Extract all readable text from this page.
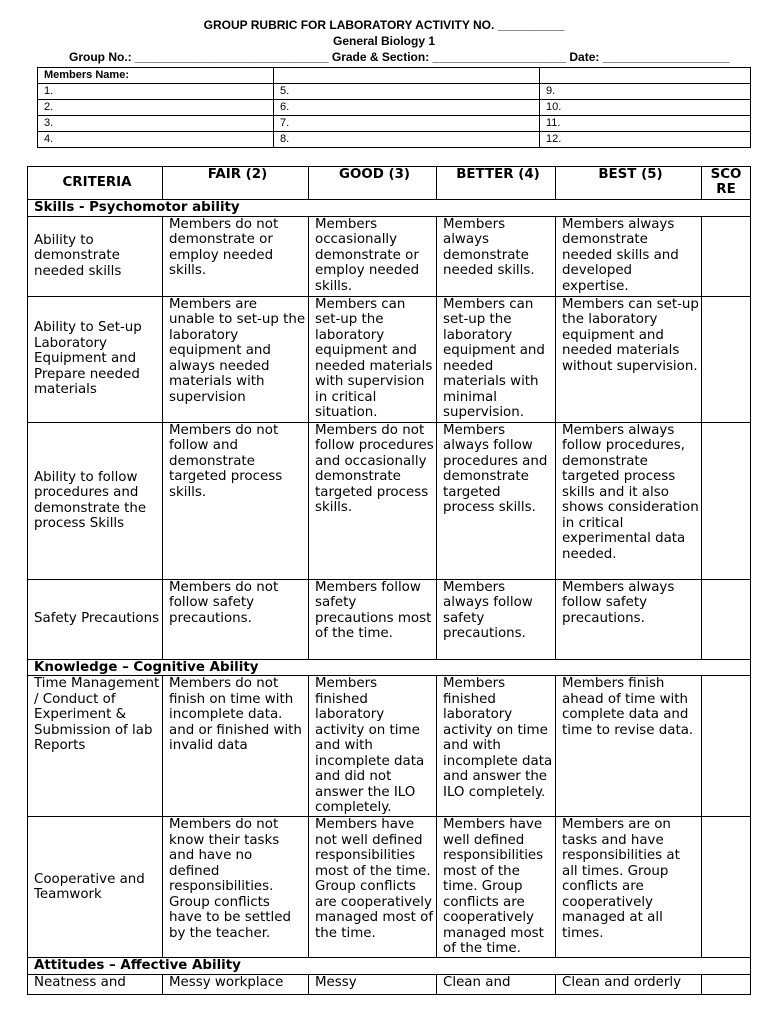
GROUP RUBRIC FOR LABORATORY ACTIVITY NO. __________
General Biology 1
Group No.: _____________________________ Grade & Section: ____________________ Date: ___________________
Members Name:		
1.	5.	9.
2.	6.	10.
3.	7.	11.
4.	8.	12.
CRITERIA	FAIR (2)	GOOD (3)	BETTER (4)	BEST (5)	SCO RE
Skills - Psychomotor ability					
Ability to demonstrate needed skills	Members do not demonstrate or employ needed skills.	Members occasionally demonstrate or employ needed skills.	Members always demonstrate needed skills.	Members always demonstrate needed skills and developed expertise.	
Ability to Set-up Laboratory Equipment and Prepare needed materials	Members are unable to set-up the laboratory equipment and always needed materials with supervision	Members can set-up the laboratory equipment and needed materials with supervision in critical situation.	Members can set-up the laboratory equipment and needed materials with minimal supervision.	Members can set-up the laboratory equipment and needed materials without supervision.	
Ability to follow procedures and demonstrate the process Skills	Members do not follow and demonstrate targeted process skills.	Members do not follow procedures and occasionally demonstrate targeted process skills.	Members always follow procedures and demonstrate targeted process skills.	Members always follow procedures, demonstrate targeted process skills and it also shows consideration in critical experimental data needed.	
Safety Precautions	Members do not follow safety precautions.	Members follow safety precautions most of the time.	Members always follow safety precautions.	Members always follow safety precautions.	
Knowledge – Cognitive Ability					
Time Management / Conduct of Experiment & Submission of lab Reports	Members do not finish on time with incomplete data. and or finished with invalid data	Members finished laboratory activity on time and with incomplete data and did not answer the ILO completely.	Members finished laboratory activity on time and with incomplete data and answer the ILO completely.	Members finish ahead of time with complete data and time to revise data.	
Cooperative and Teamwork	Members do not know their tasks and have no defined responsibilities. Group conflicts have to be settled by the teacher.	Members have not well defined responsibilities most of the time. Group conflicts are cooperatively managed most of the time.	Members have well defined responsibilities most of the time. Group conflicts are cooperatively managed most of the time.	Members are on tasks and have responsibilities at all times. Group conflicts are cooperatively managed at all times.	
Attitudes – Affective Ability					
Neatness and	Messy workplace	Messy	Clean and	Clean and orderly	
